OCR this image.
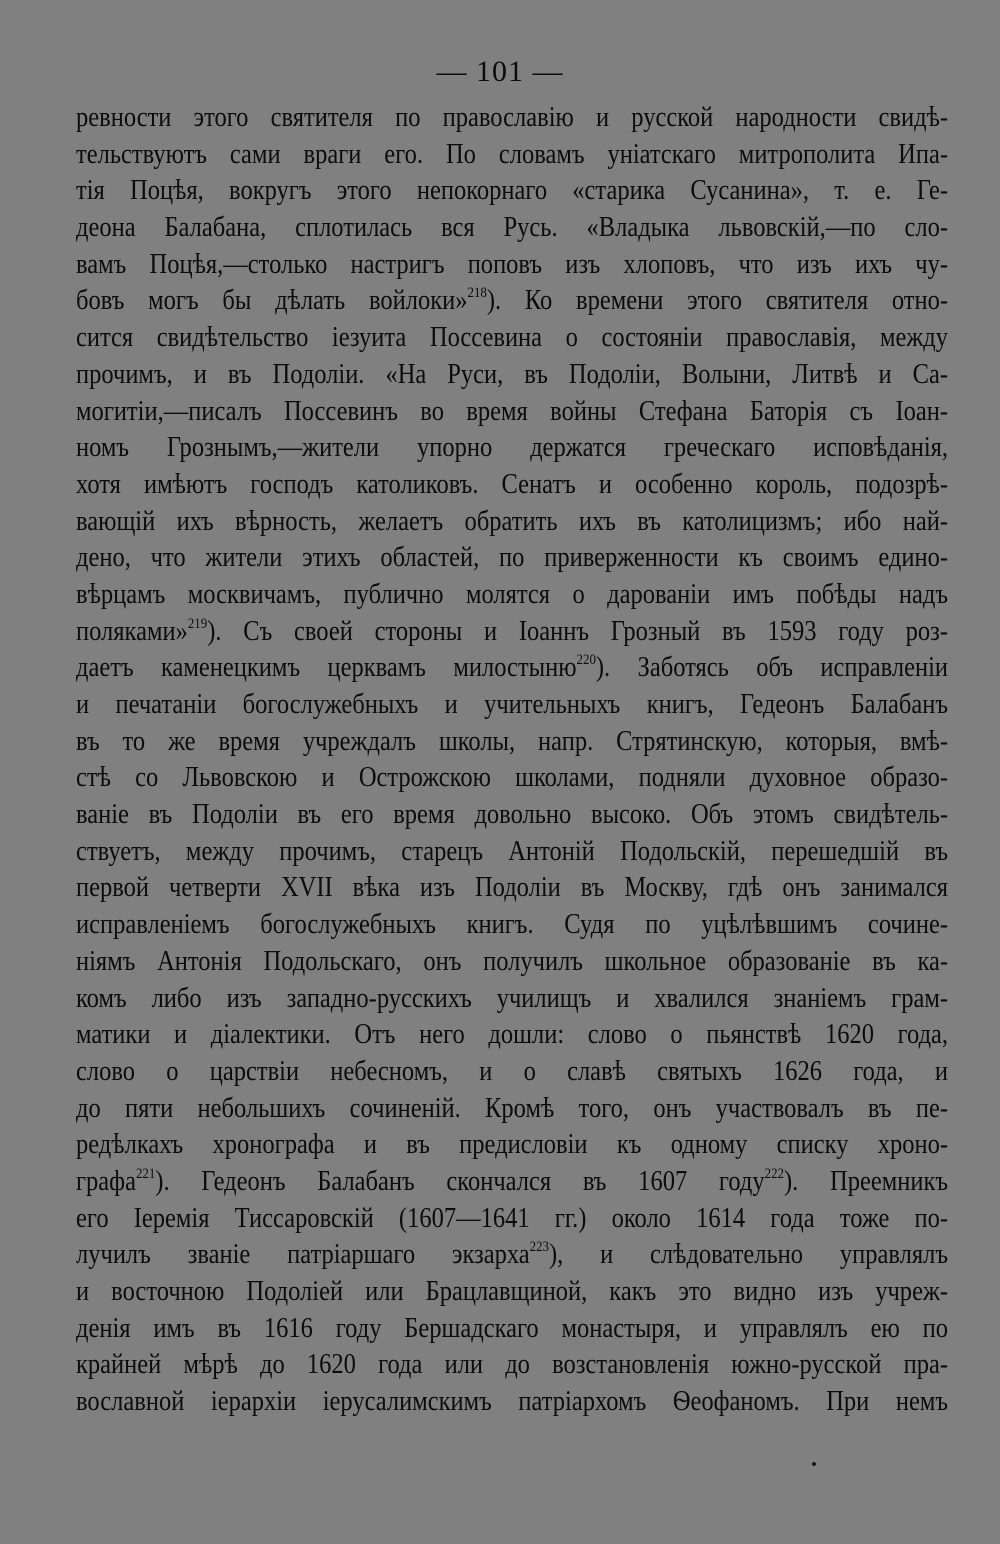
— 101 —
ревности этого святителя по православію и русской народности свидѣ-
тельствуютъ сами враги его. По словамъ уніатскаго митрополита Ипа-
тія Поцѣя, вокругъ этого непокорнаго «старика Сусанина», т. е. Ге-
деона Балабана, сплотилась вся Русь. «Владыка львовскій,—по сло-
вамъ Поцѣя,—столько настригъ поповъ изъ хлоповъ, что изъ ихъ чу-
бовъ могъ бы дѣлать войлоки»$^{218}$). Ко времени этого святителя отно-
сится свидѣтельство іезуита Поссевина о состояніи православія, между
прочимъ, и въ Подоліи. «На Руси, въ Подоліи, Волыни, Литвѣ и Са-
могитіи,—писалъ Поссевинъ во время войны Стефана Баторія съ Іоан-
номъ Грознымъ,—жители упорно держатся греческаго исповѣданія,
хотя имѣютъ господъ католиковъ. Сенатъ и особенно король, подозрѣ-
вающій ихъ вѣрность, желаетъ обратить ихъ въ католицизмъ; ибо най-
дено, что жители этихъ областей, по приверженности къ своимъ едино-
вѣрцамъ москвичамъ, публично молятся о дарованіи имъ побѣды надъ
поляками»$^{219}$). Съ своей стороны и Іоаннъ Грозный въ 1593 году роз-
даетъ каменецкимъ церквамъ милостыню$^{220}$). Заботясь объ исправленіи
и печатаніи богослужебныхъ и учительныхъ книгъ, Гедеонъ Балабанъ
въ то же время учреждалъ школы, напр. Стрятинскую, которыя, вмѣ-
стѣ со Львовскою и Острожскою школами, подняли духовное образо-
ваніе въ Подоліи въ его время довольно высоко. Объ этомъ свидѣтель-
ствуетъ, между прочимъ, старецъ Антоній Подольскій, перешедшій въ
первой четверти XVII вѣка изъ Подоліи въ Москву, гдѣ онъ занимался
исправленіемъ богослужебныхъ книгъ. Судя по уцѣлѣвшимъ сочине-
ніямъ Антонія Подольскаго, онъ получилъ школьное образованіе въ ка-
комъ либо изъ западно-русскихъ училищъ и хвалился знаніемъ грам-
матики и діалектики. Отъ него дошли: слово о пьянствѣ 1620 года,
слово о царствіи небесномъ, и о славѣ святыхъ 1626 года, и
до пяти небольшихъ сочиненій. Кромѣ того, онъ участвовалъ въ пе-
редѣлкахъ хронографа и въ предисловіи къ одному списку хроно-
графа$^{221}$). Гедеонъ Балабанъ скончался въ 1607 году$^{222}$). Преемникъ
его Іеремія Тиссаровскій (1607—1641 гг.) около 1614 года тоже по-
лучилъ званіе патріаршаго экзарха$^{223}$), и слѣдовательно управлялъ
и восточною Подоліей или Брацлавщиной, какъ это видно изъ учреж-
денія имъ въ 1616 году Бершадскаго монастыря, и управлялъ ею по
крайней мѣрѣ до 1620 года или до возстановленія южно-русской пра-
вославной іерархіи іерусалимскимъ патріархомъ Ѳеофаномъ. При немъ
